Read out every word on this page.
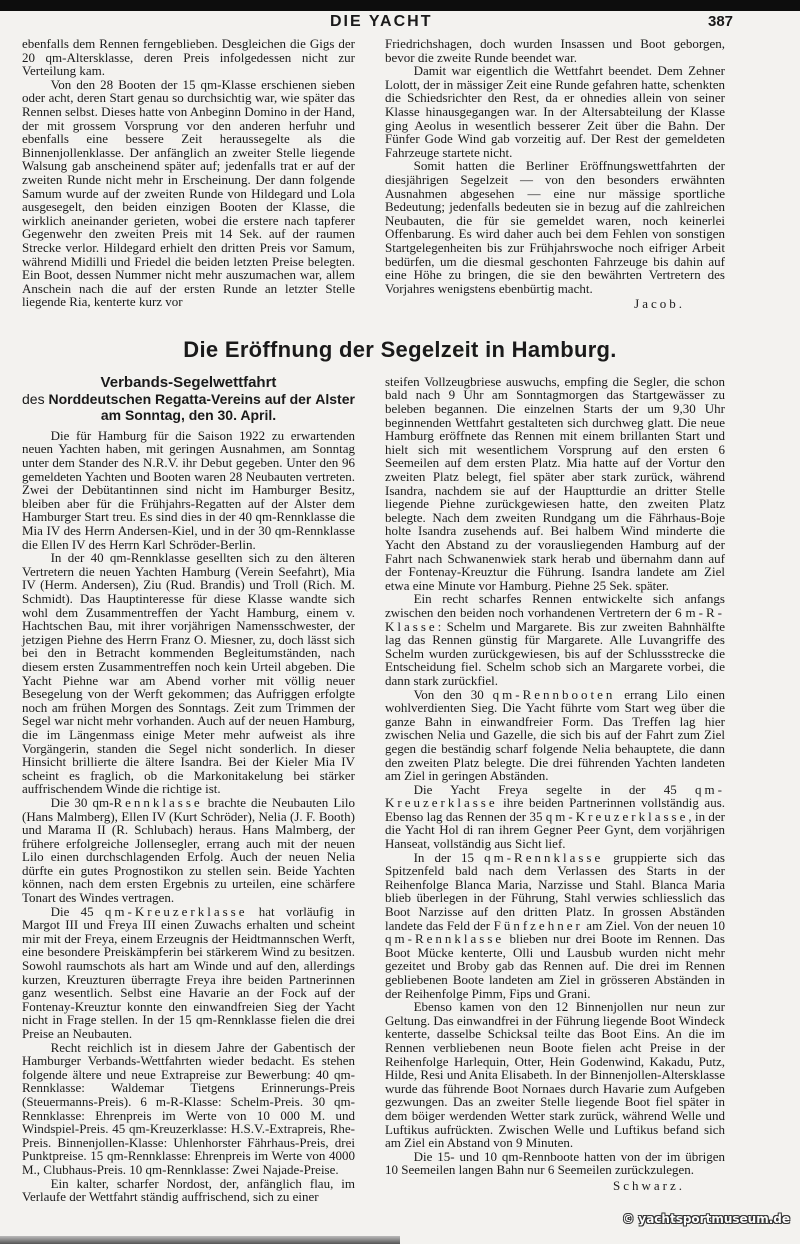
DIE YACHT	387

ebenfalls dem Rennen ferngeblieben. Desgleichen die Gigs der 20 qm-Altersklasse, deren Preis infolgedessen nicht zur Verteilung kam.

Von den 28 Booten der 15 qm-Klasse erschienen sieben oder acht, deren Start genau so durchsichtig war, wie später das Rennen selbst. Dieses hatte von Anbeginn Domino in der Hand, der mit grossem Vorsprung vor den anderen herfuhr und ebenfalls eine bessere Zeit heraussegelte als die Binnenjollenklasse. Der anfänglich an zweiter Stelle liegende Walsung gab anscheinend später auf; jedenfalls trat er auf der zweiten Runde nicht mehr in Erscheinung. Der dann folgende Samum wurde auf der zweiten Runde von Hildegard und Lola ausgesegelt, den beiden einzigen Booten der Klasse, die wirklich aneinander gerieten, wobei die erstere nach tapferer Gegenwehr den zweiten Preis mit 14 Sek. auf der raumen Strecke verlor. Hildegard erhielt den dritten Preis vor Samum, während Midilli und Friedel die beiden letzten Preise belegten. Ein Boot, dessen Nummer nicht mehr auszumachen war, allem Anschein nach die auf der ersten Runde an letzter Stelle liegende Ria, kenterte kurz vor

Friedrichshagen, doch wurden Insassen und Boot geborgen, bevor die zweite Runde beendet war.

Damit war eigentlich die Wettfahrt beendet. Dem Zehner Lolott, der in mässiger Zeit eine Runde gefahren hatte, schenkten die Schiedsrichter den Rest, da er ohnedies allein von seiner Klasse hinausgegangen war. In der Altersabteilung der Klasse ging Aeolus in wesentlich besserer Zeit über die Bahn. Der Fünfer Gode Wind gab vorzeitig auf. Der Rest der gemeldeten Fahrzeuge startete nicht.

Somit hatten die Berliner Eröffnungswettfahrten der diesjährigen Segelzeit — von den besonders erwähnten Ausnahmen abgesehen — eine nur mässige sportliche Bedeutung; jedenfalls bedeuten sie in bezug auf die zahlreichen Neubauten, die für sie gemeldet waren, noch keinerlei Offenbarung. Es wird daher auch bei dem Fehlen von sonstigen Startgelegenheiten bis zur Frühjahrswoche noch eifriger Arbeit bedürfen, um die diesmal geschonten Fahrzeuge bis dahin auf eine Höhe zu bringen, die sie den bewährten Vertretern des Vorjahres wenigstens ebenbürtig macht.

Jacob.
Die Eröffnung der Segelzeit in Hamburg.
Verbands-Segelwettfahrt
des Norddeutschen Regatta-Vereins auf der Alster
am Sonntag, den 30. April.

Die für Hamburg für die Saison 1922 zu erwartenden neuen Yachten haben, mit geringen Ausnahmen, am Sonntag unter dem Stander des N.R.V. ihr Debut gegeben. Unter den 96 gemeldeten Yachten und Booten waren 28 Neubauten vertreten. Zwei der Debütantinnen sind nicht im Hamburger Besitz, bleiben aber für die Frühjahrs-Regatten auf der Alster dem Hamburger Start treu. Es sind dies in der 40 qm-Rennklasse die Mia IV des Herrn Andersen-Kiel, und in der 30 qm-Rennklasse die Ellen IV des Herrn Karl Schröder-Berlin.

In der 40 qm-Rennklasse gesellten sich zu den älteren Vertretern die neuen Yachten Hamburg (Verein Seefahrt), Mia IV (Herm. Andersen), Ziu (Rud. Brandis) und Troll (Rich. M. Schmidt). Das Hauptinteresse für diese Klasse wandte sich wohl dem Zusammentreffen der Yacht Hamburg, einem v. Hachtschen Bau, mit ihrer vorjährigen Namensschwester, der jetzigen Piehne des Herrn Franz O. Miesner, zu, doch lässt sich bei den in Betracht kommenden Begleitumständen, nach diesem ersten Zusammentreffen noch kein Urteil abgeben. Die Yacht Piehne war am Abend vorher mit völlig neuer Besegelung von der Werft gekommen; das Aufriggen erfolgte noch am frühen Morgen des Sonntags. Zeit zum Trimmen der Segel war nicht mehr vorhanden. Auch auf der neuen Hamburg, die im Längenmass einige Meter mehr aufweist als ihre Vorgängerin, standen die Segel nicht sonderlich. In dieser Hinsicht brillierte die ältere Isandra. Bei der Kieler Mia IV scheint es fraglich, ob die Markonitakelung bei stärker auffrischendem Winde die richtige ist.

Die 30 qm-Rennklasse brachte die Neubauten Lilo (Hans Malmberg), Ellen IV (Kurt Schröder), Nelia (J. F. Booth) und Marama II (R. Schlubach) heraus. Hans Malmberg, der frühere erfolgreiche Jollensegler, errang auch mit der neuen Lilo einen durchschlagenden Erfolg. Auch der neuen Nelia dürfte ein gutes Prognostikon zu stellen sein. Beide Yachten können, nach dem ersten Ergebnis zu urteilen, eine schärfere Tonart des Windes vertragen.

Die 45 qm-Kreuzerklasse hat vorläufig in Margot III und Freya III einen Zuwachs erhalten und scheint mir mit der Freya, einem Erzeugnis der Heidtmannschen Werft, eine besondere Preiskämpferin bei stärkerem Wind zu besitzen. Sowohl raumschots als hart am Winde und auf den, allerdings kurzen, Kreuzturen überragte Freya ihre beiden Partnerinnen ganz wesentlich. Selbst eine Havarie an der Fock auf der Fontenay-Kreuztur konnte den einwandfreien Sieg der Yacht nicht in Frage stellen. In der 15 qm-Rennklasse fielen die drei Preise an Neubauten.

Recht reichlich ist in diesem Jahre der Gabentisch der Hamburger Verbands-Wettfahrten wieder bedacht. Es stehen folgende ältere und neue Extrapreise zur Bewerbung: 40 qm-Rennklasse: Waldemar Tietgens Erinnerungs-Preis (Steuermanns-Preis). 6 m-R-Klasse: Schelm-Preis. 30 qm-Rennklasse: Ehrenpreis im Werte von 10 000 M. und Windspiel-Preis. 45 qm-Kreuzerklasse: H.S.V.-Extrapreis, Rhe-Preis. Binnenjollen-Klasse: Uhlenhorster Fährhaus-Preis, drei Punktpreise. 15 qm-Rennklasse: Ehrenpreis im Werte von 4000 M., Clubhaus-Preis. 10 qm-Rennklasse: Zwei Najade-Preise.

Ein kalter, scharfer Nordost, der, anfänglich flau, im Verlaufe der Wettfahrt ständig auffrischend, sich zu einer

steifen Vollzeugbriese auswuchs, empfing die Segler, die schon bald nach 9 Uhr am Sonntagmorgen das Startgewässer zu beleben begannen. Die einzelnen Starts der um 9,30 Uhr beginnenden Wettfahrt gestalteten sich durchweg glatt. Die neue Hamburg eröffnete das Rennen mit einem brillanten Start und hielt sich mit wesentlichem Vorsprung auf den ersten 6 Seemeilen auf dem ersten Platz. Mia hatte auf der Vortur den zweiten Platz belegt, fiel später aber stark zurück, während Isandra, nachdem sie auf der Hauptturdie an dritter Stelle liegende Piehne zurückgewiesen hatte, den zweiten Platz belegte. Nach dem zweiten Rundgang um die Fährhaus-Boje holte Isandra zusehends auf. Bei halbem Wind minderte die Yacht den Abstand zu der vorausliegenden Hamburg auf der Fahrt nach Schwanenwiek stark herab und übernahm dann auf der Fontenay-Kreuztur die Führung. Isandra landete am Ziel etwa eine Minute vor Hamburg. Piehne 25 Sek. später.

Ein recht scharfes Rennen entwickelte sich anfangs zwischen den beiden noch vorhandenen Vertretern der 6 m-R-Klasse: Schelm und Margarete. Bis zur zweiten Bahnhälfte lag das Rennen günstig für Margarete. Alle Luvangriffe des Schelm wurden zurückgewiesen, bis auf der Schlussstrecke die Entscheidung fiel. Schelm schob sich an Margarete vorbei, die dann stark zurückfiel.

Von den 30 qm-Rennbooten errang Lilo einen wohlverdienten Sieg. Die Yacht führte vom Start weg über die ganze Bahn in einwandfreier Form. Das Treffen lag hier zwischen Nelia und Gazelle, die sich bis auf der Fahrt zum Ziel gegen die beständig scharf folgende Nelia behauptete, die dann den zweiten Platz belegte. Die drei führenden Yachten landeten am Ziel in geringen Abständen.

Die Yacht Freya segelte in der 45 qm-Kreuzerklasse ihre beiden Partnerinnen vollständig aus. Ebenso lag das Rennen der 35 qm-Kreuzerklasse, in der die Yacht Hol di ran ihrem Gegner Peer Gynt, dem vorjährigen Hanseat, vollständig aus Sicht lief.

In der 15 qm-Rennklasse gruppierte sich das Spitzenfeld bald nach dem Verlassen des Starts in der Reihenfolge Blanca Maria, Narzisse und Stahl. Blanca Maria blieb überlegen in der Führung, Stahl verwies schliesslich das Boot Narzisse auf den dritten Platz. In grossen Abständen landete das Feld der Fünfzehner am Ziel. Von der neuen 10 qm-Rennklasse blieben nur drei Boote im Rennen. Das Boot Mücke kenterte, Olli und Lausbub wurden nicht mehr gezeitet und Broby gab das Rennen auf. Die drei im Rennen gebliebenen Boote landeten am Ziel in grösseren Abständen in der Reihenfolge Pimm, Fips und Grani.

Ebenso kamen von den 12 Binnenjollen nur neun zur Geltung. Das einwandfrei in der Führung liegende Boot Windeck kenterte, dasselbe Schicksal teilte das Boot Eins. An die im Rennen verbliebenen neun Boote fielen acht Preise in der Reihenfolge Harlequin, Otter, Hein Godenwind, Kakadu, Putz, Hilde, Resi und Anita Elisabeth. In der Binnenjollen-Altersklasse wurde das führende Boot Nornaes durch Havarie zum Aufgeben gezwungen. Das an zweiter Stelle liegende Boot fiel später in dem böiger werdenden Wetter stark zurück, während Welle und Luftikus aufrückten. Zwischen Welle und Luftikus befand sich am Ziel ein Abstand von 9 Minuten.

Die 15- und 10 qm-Rennboote hatten von der im übrigen 10 Seemeilen langen Bahn nur 6 Seemeilen zurückzulegen.

Schwarz.
© yachtsportmuseum.de
